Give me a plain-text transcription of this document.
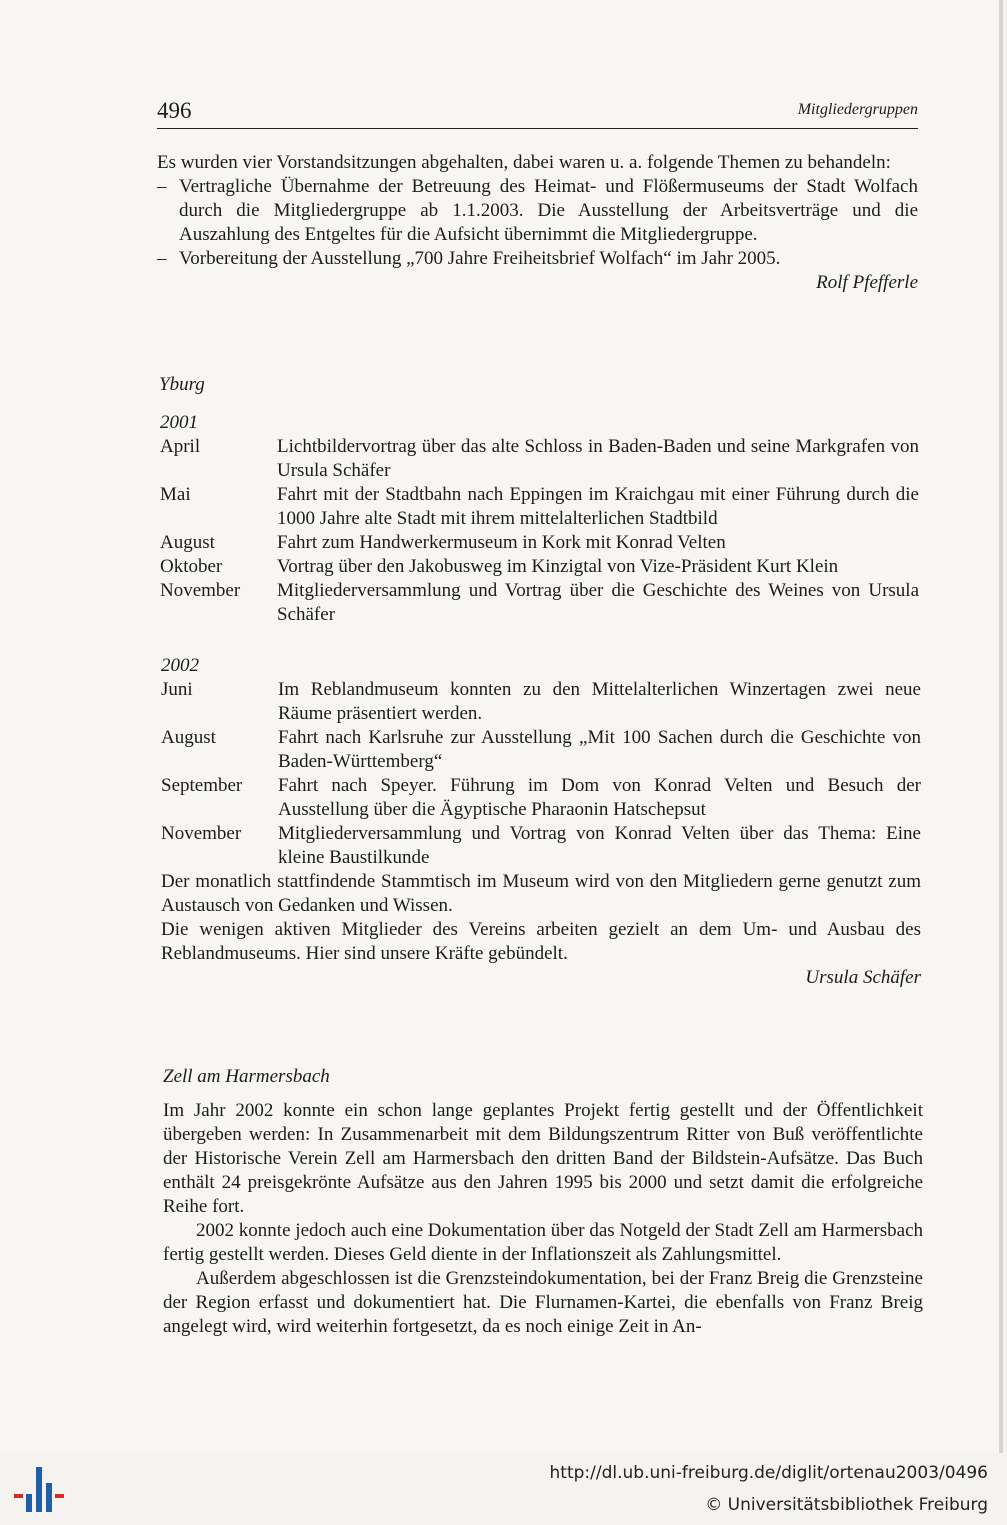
496	Mitgliedergruppen

Es wurden vier Vorstandsitzungen abgehalten, dabei waren u. a. folgende Themen zu behandeln:

– Vertragliche Übernahme der Betreuung des Heimat- und Flößermuseums der Stadt Wolfach durch die Mitgliedergruppe ab 1.1.2003. Die Ausstellung der Arbeitsverträge und die Auszahlung des Entgeltes für die Aufsicht übernimmt die Mitgliedergruppe.
– Vorbereitung der Ausstellung „700 Jahre Freiheitsbrief Wolfach“ im Jahr 2005.

Rolf Pfefferle

Yburg
2001
April	Lichtbildervortrag über das alte Schloss in Baden-Baden und seine Markgrafen von Ursula Schäfer
Mai	Fahrt mit der Stadtbahn nach Eppingen im Kraichgau mit einer Führung durch die 1000 Jahre alte Stadt mit ihrem mittelalterlichen Stadtbild
August	Fahrt zum Handwerkermuseum in Kork mit Konrad Velten
Oktober	Vortrag über den Jakobusweg im Kinzigtal von Vize-Präsident Kurt Klein
November	Mitgliederversammlung und Vortrag über die Geschichte des Weines von Ursula Schäfer
2002
Juni	Im Reblandmuseum konnten zu den Mittelalterlichen Winzertagen zwei neue Räume präsentiert werden.
August	Fahrt nach Karlsruhe zur Ausstellung „Mit 100 Sachen durch die Geschichte von Baden-Württemberg“
September	Fahrt nach Speyer. Führung im Dom von Konrad Velten und Besuch der Ausstellung über die Ägyptische Pharaonin Hatschepsut
November	Mitgliederversammlung und Vortrag von Konrad Velten über das Thema: Eine kleine Baustilkunde

Der monatlich stattfindende Stammtisch im Museum wird von den Mitgliedern gerne genutzt zum Austausch von Gedanken und Wissen.

Die wenigen aktiven Mitglieder des Vereins arbeiten gezielt an dem Um- und Ausbau des Reblandmuseums. Hier sind unsere Kräfte gebündelt.

Ursula Schäfer

Zell am Harmersbach

Im Jahr 2002 konnte ein schon lange geplantes Projekt fertig gestellt und der Öffentlichkeit übergeben werden: In Zusammenarbeit mit dem Bildungszentrum Ritter von Buß veröffentlichte der Historische Verein Zell am Harmersbach den dritten Band der Bildstein-Aufsätze. Das Buch enthält 24 preisgekrönte Aufsätze aus den Jahren 1995 bis 2000 und setzt damit die erfolgreiche Reihe fort.

2002 konnte jedoch auch eine Dokumentation über das Notgeld der Stadt Zell am Harmersbach fertig gestellt werden. Dieses Geld diente in der Inflationszeit als Zahlungsmittel.

Außerdem abgeschlossen ist die Grenzsteindokumentation, bei der Franz Breig die Grenzsteine der Region erfasst und dokumentiert hat. Die Flurnamen-Kartei, die ebenfalls von Franz Breig angelegt wird, wird weiterhin fortgesetzt, da es noch einige Zeit in An-

http://dl.ub.uni-freiburg.de/diglit/ortenau2003/0496
© Universitätsbibliothek Freiburg
